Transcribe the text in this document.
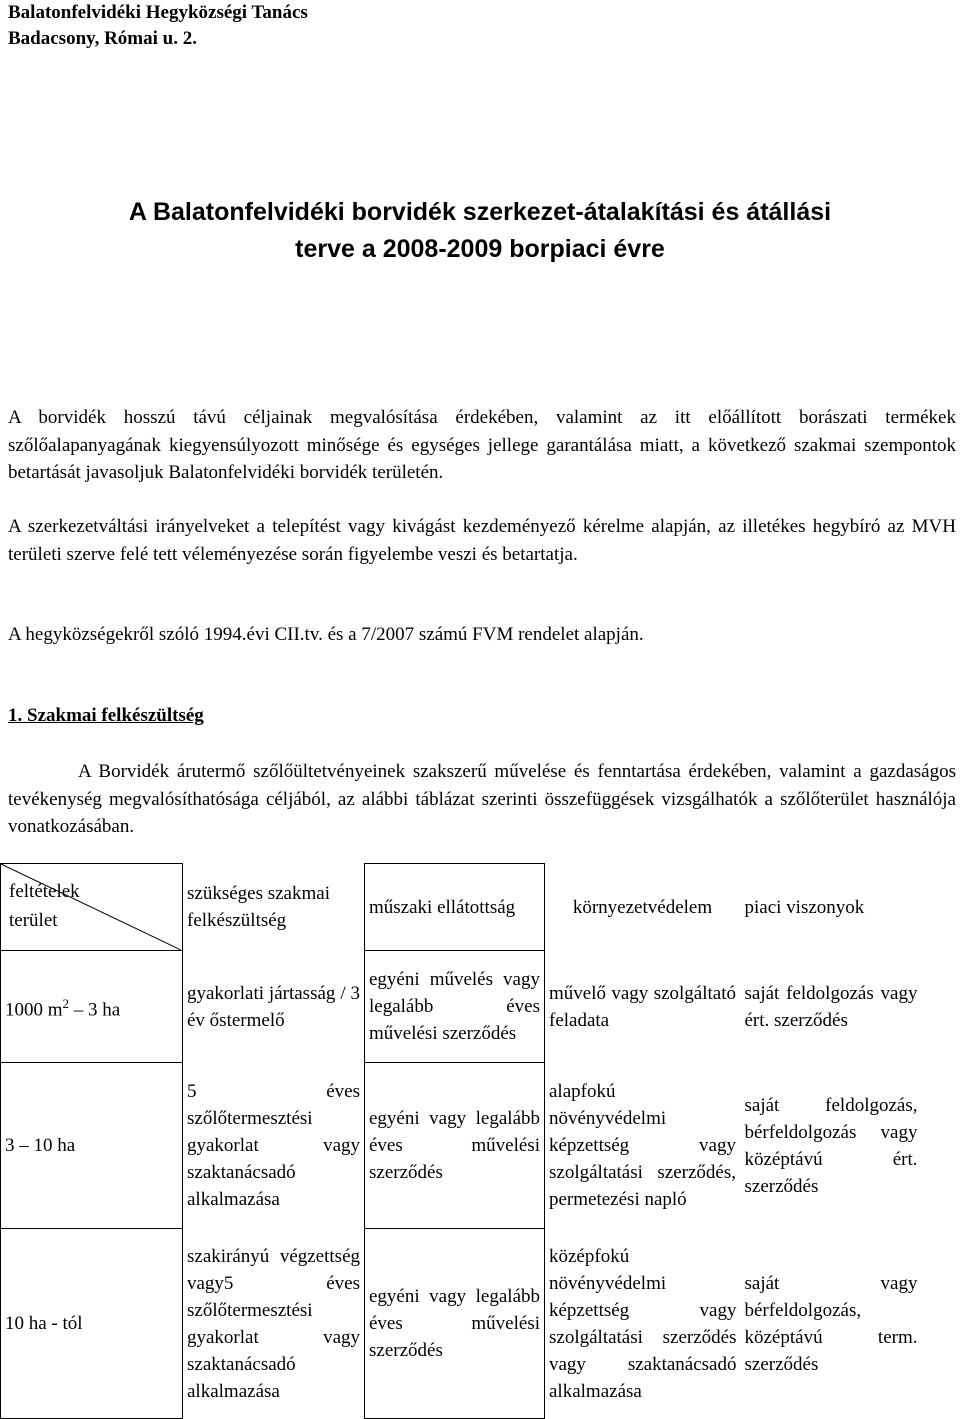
Balatonfelvidéki Hegyközségi Tanács
Badacsony, Római u. 2.
A Balatonfelvidéki borvidék szerkezet-átalakítási és átállási
terve a 2008-2009 borpiaci évre
A borvidék hosszú távú céljainak megvalósítása érdekében, valamint az itt előállított borászati termékek szőlőalapanyagának kiegyensúlyozott minősége és egységes jellege garantálása miatt, a következő szakmai szempontok betartását javasoljuk Balatonfelvidéki borvidék területén.
A szerkezetváltási irányelveket a telepítést vagy kivágást kezdeményező kérelme alapján, az illetékes hegybíró az MVH területi szerve felé tett véleményezése során figyelembe veszi és betartatja.
A hegyközségekről szóló 1994.évi CII.tv. és a 7/2007 számú FVM rendelet alapján.
1. Szakmai felkészültség
A Borvidék árutermő szőlőültetvényeinek szakszerű művelése és fenntartása érdekében, valamint a gazdaságos tevékenység megvalósíthatósága céljából, az alábbi táblázat szerinti összefüggések vizsgálhatók a szőlőterület használója vonatkozásában.
feltételek
terület	szükséges szakmai felkészültség	műszaki ellátottság	környezetvédelem	piaci viszonyok
1000 $m^2 - 3$ ha	gyakorlati jártasság / 3 év őstermelő	egyéni művelés vagy legalább éves művelési szerződés	művelő vagy szolgáltató feladata	saját feldolgozás vagy ért. szerződés
3 – 10 ha	5 éves szőlőtermesztési gyakorlat vagy szaktanácsadó alkalmazása	egyéni vagy legalább éves művelési szerződés	alapfokú növényvédelmi képzettség vagy szolgáltatási szerződés, permetezési napló	saját feldolgozás, bérfeldolgozás vagy középtávú ért. szerződés
10 ha - tól	szakirányú végzettség vagy5 éves szőlőtermesztési gyakorlat vagy szaktanácsadó alkalmazása	egyéni vagy legalább éves művelési szerződés	középfokú növényvédelmi képzettség vagy szolgáltatási szerződés vagy szaktanácsadó alkalmazása	saját vagy bérfeldolgozás, középtávú term. szerződés
